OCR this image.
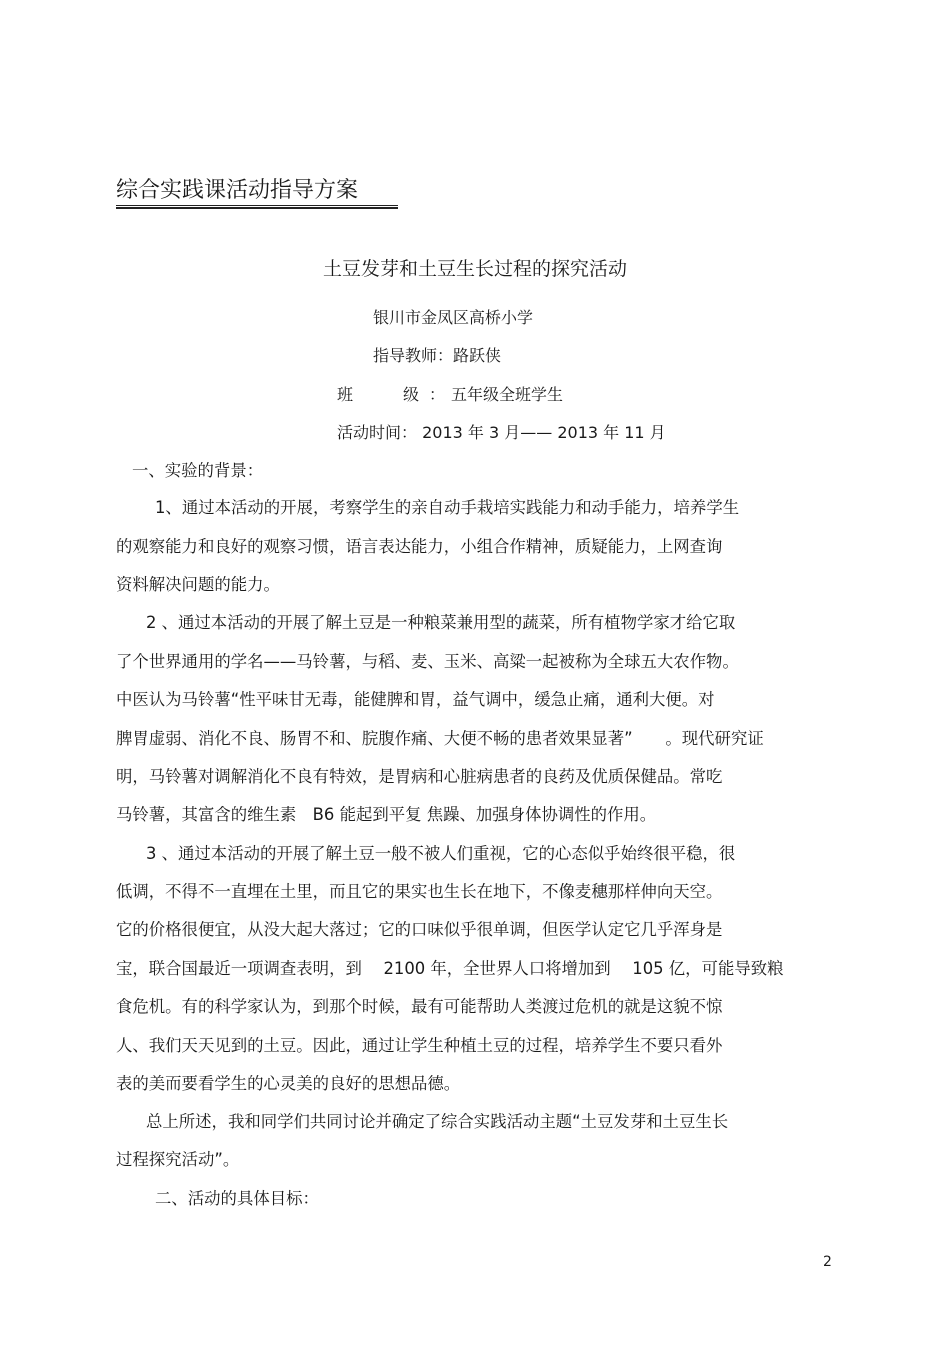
综合实践课活动指导方案
土豆发芽和土豆生长过程的探究活动
银川市金凤区高桥小学
指导教师：路跃侠
班	级 ： 五年级全班学生
活动时间： 2013 年 3 月—— 2013 年 11 月
一、实验的背景：
1、通过本活动的开展，考察学生的亲自动手栽培实践能力和动手能力，培养学生
的观察能力和良好的观察习惯，语言表达能力，小组合作精神，质疑能力，上网查询
资料解决问题的能力。
2 、通过本活动的开展了解土豆是一种粮菜兼用型的蔬菜，所有植物学家才给它取
了个世界通用的学名——马铃薯，与稻、麦、玉米、高粱一起被称为全球五大农作物。
中医认为马铃薯“性平味甘无毒，能健脾和胃，益气调中，缓急止痛，通利大便。对
脾胃虚弱、消化不良、肠胃不和、脘腹作痛、大便不畅的患者效果显著”　　。现代研究证
明，马铃薯对调解消化不良有特效，是胃病和心脏病患者的良药及优质保健品。常吃
马铃薯，其富含的维生素　B6 能起到平复 焦躁、加强身体协调性的作用。
3 、通过本活动的开展了解土豆一般不被人们重视，它的心态似乎始终很平稳，很
低调，不得不一直埋在土里，而且它的果实也生长在地下，不像麦穗那样伸向天空。
它的价格很便宜，从没大起大落过；它的口味似乎很单调，但医学认定它几乎浑身是
宝，联合国最近一项调查表明，到　 2100 年，全世界人口将增加到　 105 亿，可能导致粮
食危机。有的科学家认为，到那个时候，最有可能帮助人类渡过危机的就是这貌不惊
人、我们天天见到的土豆。因此，通过让学生种植土豆的过程，培养学生不要只看外
表的美而要看学生的心灵美的良好的思想品德。
总上所述，我和同学们共同讨论并确定了综合实践活动主题“土豆发芽和土豆生长
过程探究活动”。
二、活动的具体目标：
2
